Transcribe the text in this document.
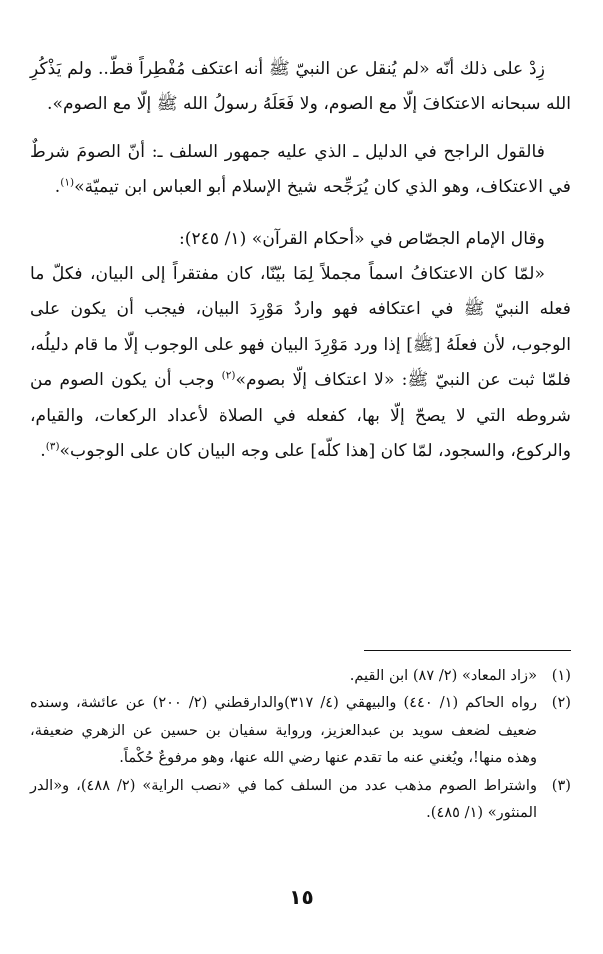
زِدْ على ذلك أنّه «لم يُنقل عن النبيّ ﷺ أنه اعتكف مُفْطِراً قطّ.. ولم يَذْكُرِ الله سبحانه الاعتكافَ إلّا مع الصوم، ولا فَعَلَهُ رسولُ الله ﷺ إلّا مع الصوم».

فالقول الراجح في الدليل ـ الذي عليه جمهور السلف ـ: أنّ الصومَ شرطٌ في الاعتكاف، وهو الذي كان يُرَجِّحه شيخ الإسلام أبو العباس ابن تيميّة»$^{(١)}$.

وقال الإمام الجصّاص في «أحكام القرآن» (١/ ٢٤٥):

«لمّا كان الاعتكافُ اسماً مجملاً لِمَا بيّنّا، كان مفتقراً إلى البيان، فكلّ ما فعله النبيّ ﷺ في اعتكافه فهو واردٌ مَوْرِدَ البيان، فيجب أن يكون على الوجوب، لأن فعلَهُ [ﷺ] إذا ورد مَوْرِدَ البيان فهو على الوجوب إلّا ما قام دليلُه، فلمّا ثبت عن النبيّ ﷺ: «لا اعتكاف إلّا بصوم»$^{(٢)}$ وجب أن يكون الصوم من شروطه التي لا يصحّ إلّا بها، كفعله في الصلاة لأعداد الركعات، والقيام، والركوع، والسجود، لمّا كان [هذا كلّه] على وجه البيان كان على الوجوب»$^{(٣)}$.

(١)
«زاد المعاد» (٢/ ٨٧) ابن القيم.
(٢)
رواه الحاكم (١/ ٤٤٠) والبيهقي (٤/ ٣١٧)والدارقطني (٢/ ٢٠٠) عن عائشة، وسنده ضعيف لضعف سويد بن عبدالعزيز، ورواية سفيان بن حسين عن الزهري ضعيفة، وهذه منها!، ويُغني عنه ما تقدم عنها رضي الله عنها، وهو مرفوعٌ حُكْماً.
(٣)
واشتراط الصوم مذهب عدد من السلف كما في «نصب الراية» (٢/ ٤٨٨)، و«الدر المنثور» (١/ ٤٨٥).
١٥
